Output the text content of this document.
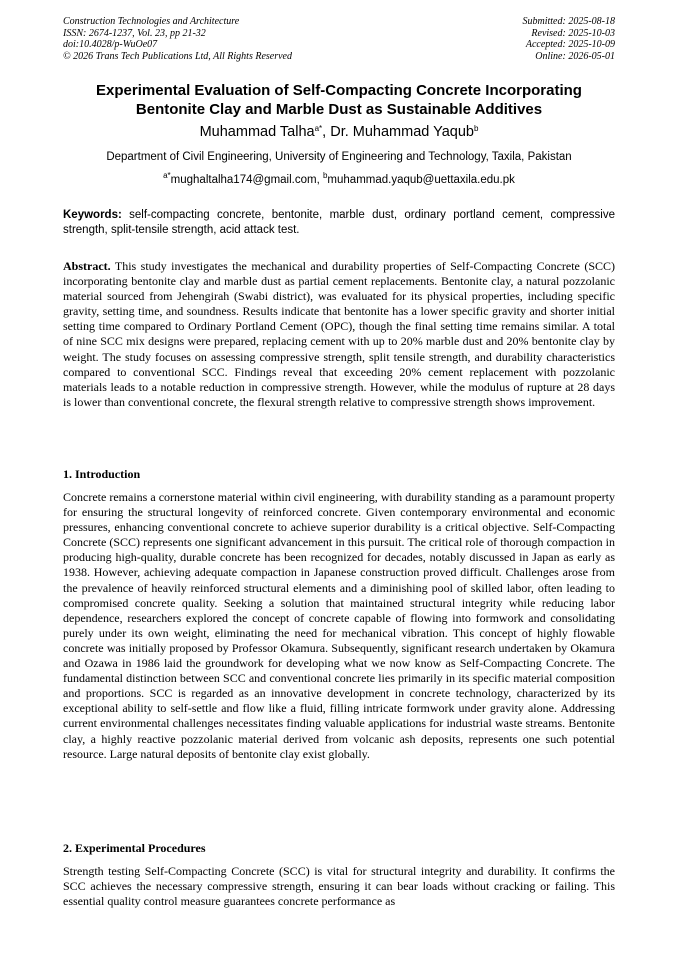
Construction Technologies and Architecture
ISSN: 2674-1237, Vol. 23, pp 21-32
doi:10.4028/p-WuOe07
© 2026 Trans Tech Publications Ltd, All Rights Reserved
Submitted: 2025-08-18
Revised: 2025-10-03
Accepted: 2025-10-09
Online: 2026-05-01
Experimental Evaluation of Self-Compacting Concrete Incorporating Bentonite Clay and Marble Dust as Sustainable Additives
Muhammad Talha$^{a*}$, Dr. Muhammad Yaqub$^b$
Department of Civil Engineering, University of Engineering and Technology, Taxila, Pakistan
$^{a*}$mughaltalha174@gmail.com, $^b$muhammad.yaqub@uettaxila.edu.pk
Keywords: self-compacting concrete, bentonite, marble dust, ordinary portland cement, compressive strength, split-tensile strength, acid attack test.
Abstract. This study investigates the mechanical and durability properties of Self-Compacting Concrete (SCC) incorporating bentonite clay and marble dust as partial cement replacements. Bentonite clay, a natural pozzolanic material sourced from Jehengirah (Swabi district), was evaluated for its physical properties, including specific gravity, setting time, and soundness. Results indicate that bentonite has a lower specific gravity and shorter initial setting time compared to Ordinary Portland Cement (OPC), though the final setting time remains similar. A total of nine SCC mix designs were prepared, replacing cement with up to 20% marble dust and 20% bentonite clay by weight. The study focuses on assessing compressive strength, split tensile strength, and durability characteristics compared to conventional SCC. Findings reveal that exceeding 20% cement replacement with pozzolanic materials leads to a notable reduction in compressive strength. However, while the modulus of rupture at 28 days is lower than conventional concrete, the flexural strength relative to compressive strength shows improvement.
1. Introduction
Concrete remains a cornerstone material within civil engineering, with durability standing as a paramount property for ensuring the structural longevity of reinforced concrete. Given contemporary environmental and economic pressures, enhancing conventional concrete to achieve superior durability is a critical objective. Self-Compacting Concrete (SCC) represents one significant advancement in this pursuit. The critical role of thorough compaction in producing high-quality, durable concrete has been recognized for decades, notably discussed in Japan as early as 1938. However, achieving adequate compaction in Japanese construction proved difficult. Challenges arose from the prevalence of heavily reinforced structural elements and a diminishing pool of skilled labor, often leading to compromised concrete quality. Seeking a solution that maintained structural integrity while reducing labor dependence, researchers explored the concept of concrete capable of flowing into formwork and consolidating purely under its own weight, eliminating the need for mechanical vibration. This concept of highly flowable concrete was initially proposed by Professor Okamura. Subsequently, significant research undertaken by Okamura and Ozawa in 1986 laid the groundwork for developing what we now know as Self-Compacting Concrete. The fundamental distinction between SCC and conventional concrete lies primarily in its specific material composition and proportions. SCC is regarded as an innovative development in concrete technology, characterized by its exceptional ability to self-settle and flow like a fluid, filling intricate formwork under gravity alone. Addressing current environmental challenges necessitates finding valuable applications for industrial waste streams. Bentonite clay, a highly reactive pozzolanic material derived from volcanic ash deposits, represents one such potential resource. Large natural deposits of bentonite clay exist globally.
2. Experimental Procedures
Strength testing Self-Compacting Concrete (SCC) is vital for structural integrity and durability. It confirms the SCC achieves the necessary compressive strength, ensuring it can bear loads without cracking or failing. This essential quality control measure guarantees concrete performance as
